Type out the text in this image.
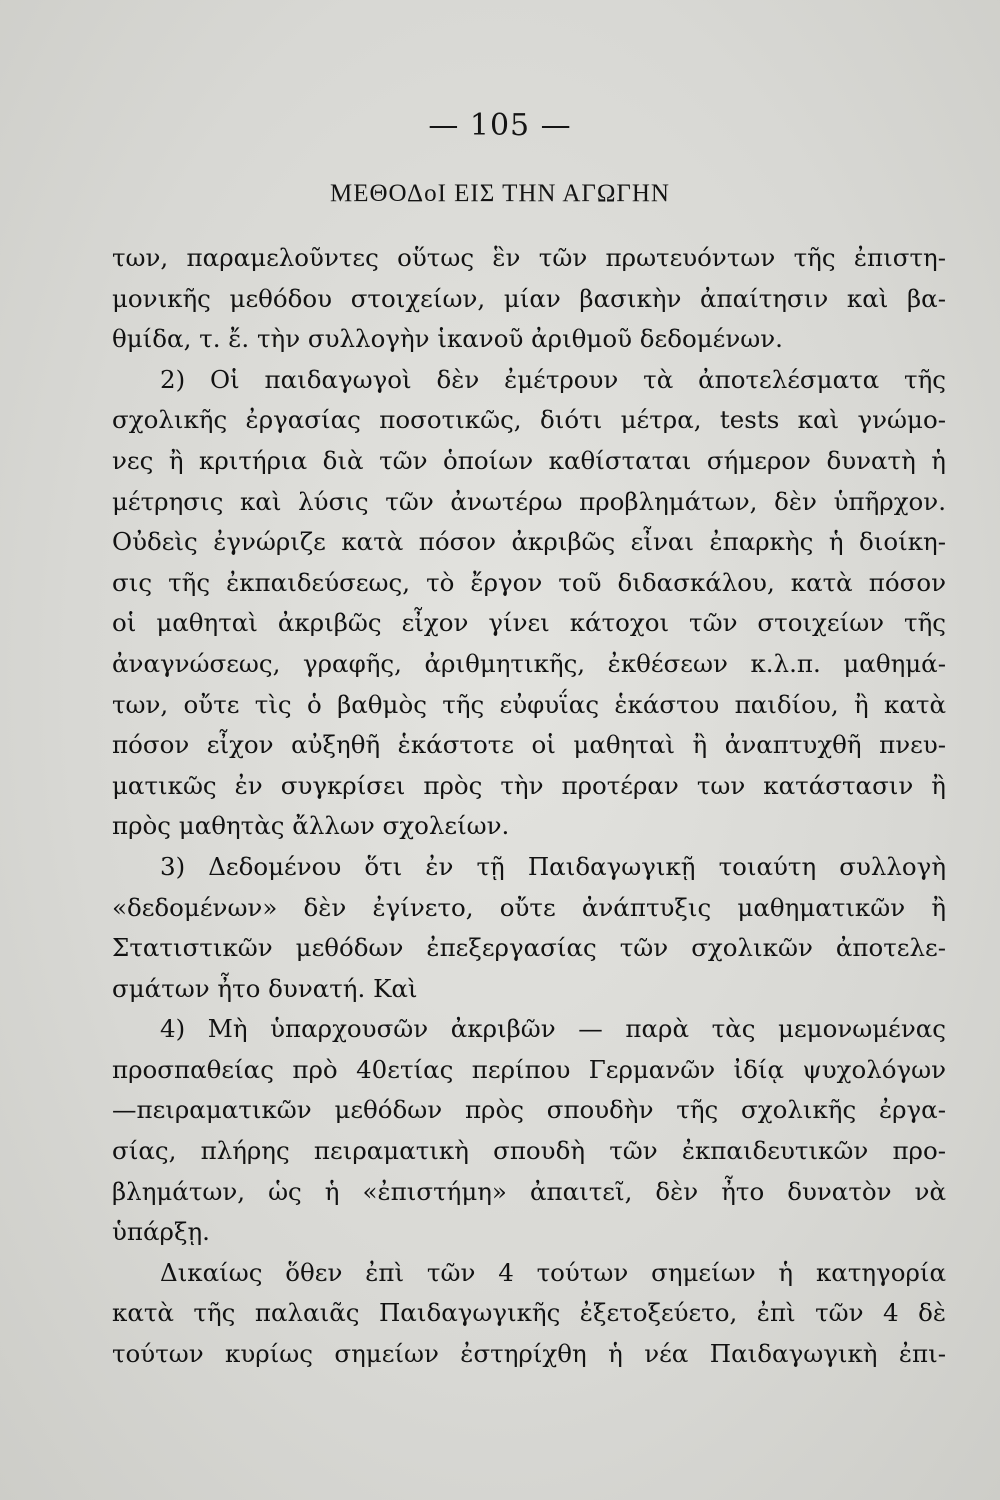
— 105 —
ΜΕΘΟΔοΙ ΕΙΣ ΤΗΝ ΑΓΩΓΗΝ
των, παραμελοῦντες οὕτως ἓν τῶν πρωτευόντων τῆς ἐπιστη-
μονικῆς μεθόδου στοιχείων, μίαν βασικὴν ἀπαίτησιν καὶ βα-
θμίδα, τ. ἔ. τὴν συλλογὴν ἱκανοῦ ἀριθμοῦ δεδομένων.
2) Οἱ παιδαγωγοὶ δὲν ἐμέτρουν τὰ ἀποτελέσματα τῆς
σχολικῆς ἐργασίας ποσοτικῶς, διότι μέτρα, tests καὶ γνώμο-
νες ἢ κριτήρια διὰ τῶν ὁποίων καθίσταται σήμερον δυνατὴ ἡ
μέτρησις καὶ λύσις τῶν ἀνωτέρω προβλημάτων, δὲν ὑπῆρχον.
Οὐδεὶς ἐγνώριζε κατὰ πόσον ἀκριβῶς εἶναι ἐπαρκὴς ἡ διοίκη-
σις τῆς ἐκπαιδεύσεως, τὸ ἔργον τοῦ διδασκάλου, κατὰ πόσον
οἱ μαθηταὶ ἀκριβῶς εἶχον γίνει κάτοχοι τῶν στοιχείων τῆς
ἀναγνώσεως, γραφῆς, ἀριθμητικῆς, ἐκθέσεων κ.λ.π. μαθημά-
των, οὔτε τὶς ὁ βαθμὸς τῆς εὐφυΐας ἑκάστου παιδίου, ἢ κατὰ
πόσον εἶχον αὐξηθῆ ἑκάστοτε οἱ μαθηταὶ ἢ ἀναπτυχθῆ πνευ-
ματικῶς ἐν συγκρίσει πρὸς τὴν προτέραν των κατάστασιν ἢ
πρὸς μαθητὰς ἄλλων σχολείων.
3) Δεδομένου ὅτι ἐν τῇ Παιδαγωγικῇ τοιαύτη συλλογὴ
«δεδομένων» δὲν ἐγίνετο, οὔτε ἀνάπτυξις μαθηματικῶν ἢ
Στατιστικῶν μεθόδων ἐπεξεργασίας τῶν σχολικῶν ἀποτελε-
σμάτων ἦτο δυνατή. Καὶ
4) Μὴ ὑπαρχουσῶν ἀκριβῶν — παρὰ τὰς μεμονωμένας
προσπαθείας πρὸ 40ετίας περίπου Γερμανῶν ἰδίᾳ ψυχολόγων
—πειραματικῶν μεθόδων πρὸς σπουδὴν τῆς σχολικῆς ἐργα-
σίας, πλήρης πειραματικὴ σπουδὴ τῶν ἐκπαιδευτικῶν προ-
βλημάτων, ὡς ἡ «ἐπιστήμη» ἀπαιτεῖ, δὲν ἦτο δυνατὸν νὰ
ὑπάρξῃ.
Δικαίως ὅθεν ἐπὶ τῶν 4 τούτων σημείων ἡ κατηγορία
κατὰ τῆς παλαιᾶς Παιδαγωγικῆς ἐξετοξεύετο, ἐπὶ τῶν 4 δὲ
τούτων κυρίως σημείων ἐστηρίχθη ἡ νέα Παιδαγωγικὴ ἐπι-
